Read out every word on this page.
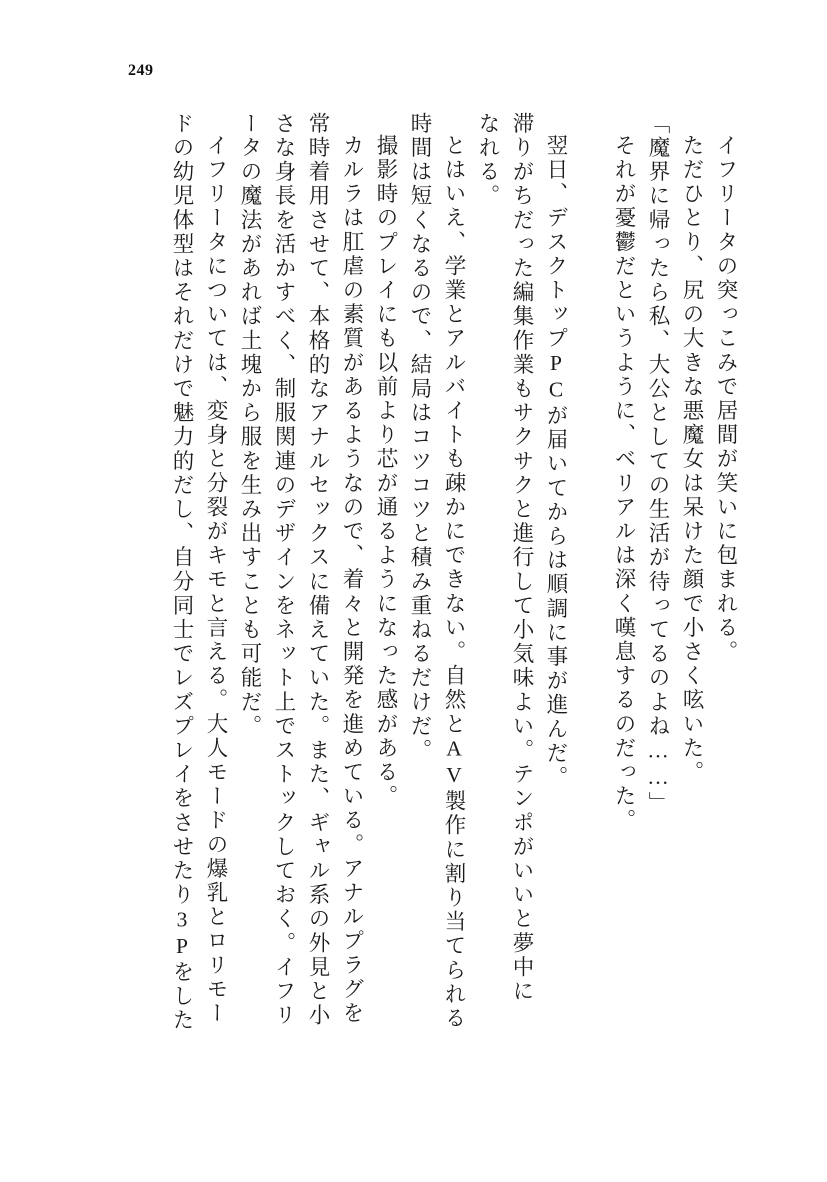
249
イフリータの突っこみで居間が笑いに包まれる。
ただひとり、尻の大きな悪魔女は呆けた顔で小さく呟いた。
「魔界に帰ったら私、大公としての生活が待ってるのよね……」
それが憂鬱だというように、ベリアルは深く嘆息するのだった。
翌日、デスクトップPCが届いてからは順調に事が進んだ。
滞りがちだった編集作業もサクサクと進行して小気味よい。テンポがいいと夢中に
なれる。
とはいえ、学業とアルバイトも疎かにできない。自然とAV製作に割り当てられる
時間は短くなるので、結局はコツコツと積み重ねるだけだ。
撮影時のプレイにも以前より芯が通るようになった感がある。
カルラは肛虐の素質があるようなので、着々と開発を進めている。アナルプラグを
常時着用させて、本格的なアナルセックスに備えていた。また、ギャル系の外見と小
さな身長を活かすべく、制服関連のデザインをネット上でストックしておく。イフリ
ータの魔法があれば土塊から服を生み出すことも可能だ。
イフリータについては、変身と分裂がキモと言える。大人モードの爆乳とロリモー
ドの幼児体型はそれだけで魅力的だし、自分同士でレズプレイをさせたり3Pをした
